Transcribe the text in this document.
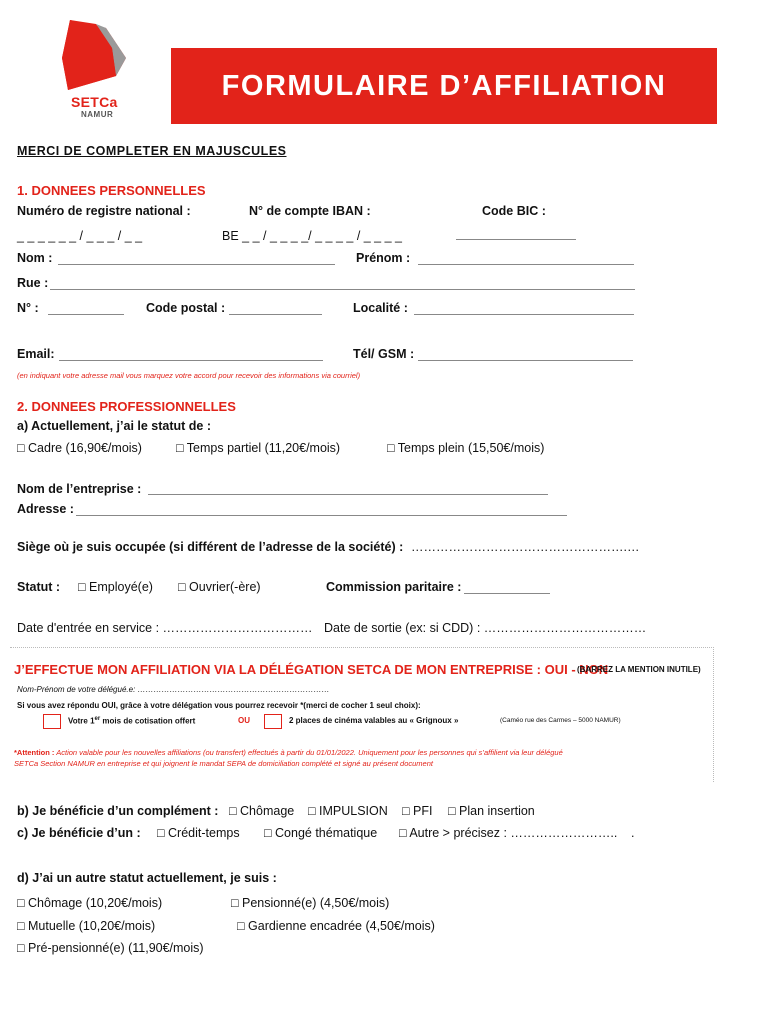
SETCa
NAMUR
FORMULAIRE D’AFFILIATION
MERCI DE COMPLETER EN MAJUSCULES
1. DONNEES PERSONNELLES
Numéro de registre national :	N° de compte IBAN :	Code BIC :
_ _ _ _ _ _ / _ _ _ / _ _	BE _ _ / _ _ _ _/ _ _ _ _ / _ _ _ _
Nom :	Prénom :
Rue :
N° :	Code postal :	Localité :
Email:	Tél/ GSM :
(en indiquant votre adresse mail vous marquez votre accord pour recevoir des informations via courriel)
2. DONNEES PROFESSIONNELLES
a) Actuellement, j’ai le statut de :
□ Cadre (16,90€/mois)	□ Temps partiel (11,20€/mois)	□ Temps plein (15,50€/mois)
Nom de l’entreprise :
Adresse :
Siège où je suis occupée (si différent de l’adresse de la société) : …………………………………………….…
Statut : □ Employé(e) □ Ouvrier(-ère)	Commission paritaire :
Date d'entrée en service : ……………………………… Date de sortie (ex: si CDD) : …………………………………
J’EFFECTUE MON AFFILIATION VIA LA DÉLÉGATION SETCA DE MON ENTREPRISE : OUI - NON
(BARREZ LA MENTION INUTILE)
Nom-Prénom de votre délégué.e: ………………………………………………………………
Si vous avez répondu OUI, grâce à votre délégation vous pourrez recevoir *(merci de cocher 1 seul choix):
Votre 1er mois de cotisation offert	OU	2 places de cinéma valables au « Grignoux »	(Caméo rue des Carmes – 5000 NAMUR)
*Attention : Action valable pour les nouvelles affiliations (ou transfert) effectués à partir du 01/01/2022. Uniquement pour les personnes qui s’affilient via leur délégué
SETCa Section NAMUR en entreprise et qui joignent le mandat SEPA de domiciliation complété et signé au présent document
b) Je bénéficie d’un complément : □ Chômage □ IMPULSION □ PFI □ Plan insertion
c) Je bénéficie d’un : □ Crédit-temps □ Congé thématique □ Autre > précisez : …………………….. .
d) J’ai un autre statut actuellement, je suis :
□ Chômage (10,20€/mois)	□ Pensionné(e) (4,50€/mois)
□ Mutuelle (10,20€/mois)	□ Gardienne encadrée (4,50€/mois)
□ Pré-pensionné(e) (11,90€/mois)
